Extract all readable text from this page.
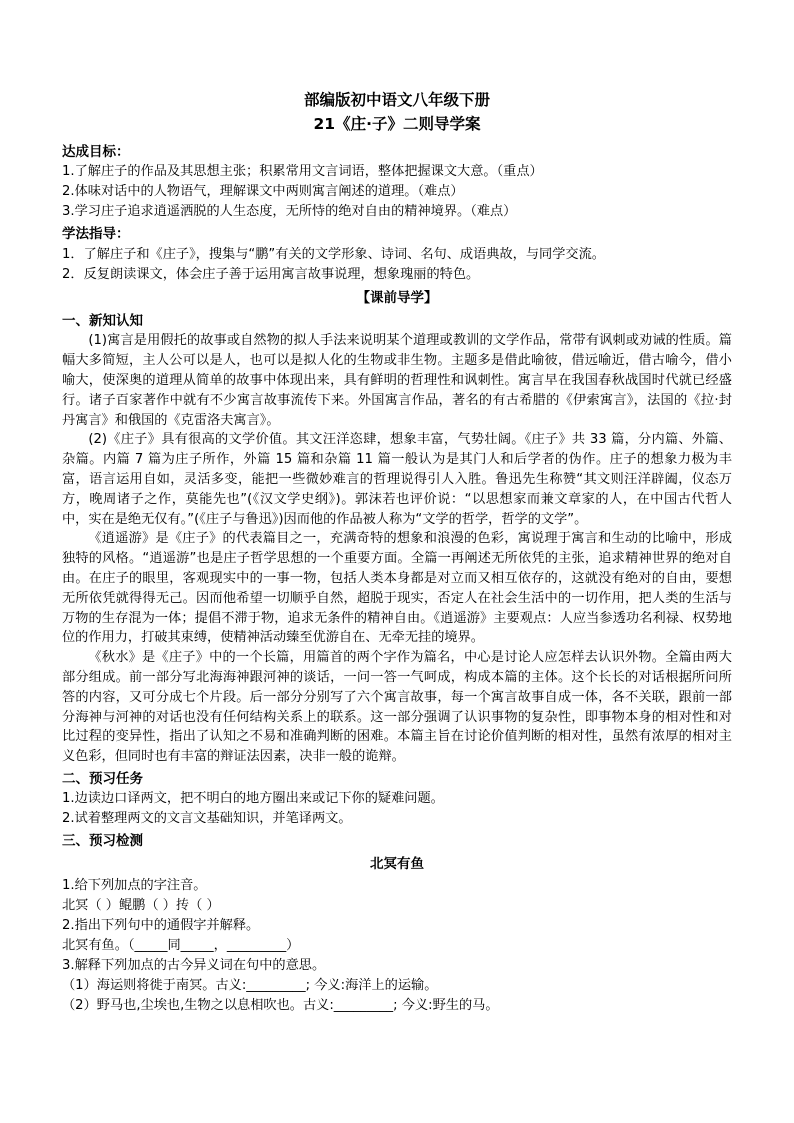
部编版初中语文八年级下册
21《庄·子》二则导学案
达成目标：
1.了解庄子的作品及其思想主张；积累常用文言词语，整体把握课文大意。（重点）
2.体味对话中的人物语气，理解课文中两则寓言阐述的道理。（难点）
3.学习庄子追求逍遥洒脱的人生态度，无所恃的绝对自由的精神境界。（难点）
学法指导：
1．了解庄子和《庄子》，搜集与“鹏”有关的文学形象、诗词、名句、成语典故，与同学交流。
2．反复朗读课文，体会庄子善于运用寓言故事说理，想象瑰丽的特色。
【课前导学】
一、新知认知
(1)寓言是用假托的故事或自然物的拟人手法来说明某个道理或教训的文学作品，常带有讽刺或劝诫的性质。篇幅大多简短，主人公可以是人，也可以是拟人化的生物或非生物。主题多是借此喻彼，借远喻近，借古喻今，借小喻大，使深奥的道理从简单的故事中体现出来，具有鲜明的哲理性和讽刺性。寓言早在我国春秋战国时代就已经盛行。诸子百家著作中就有不少寓言故事流传下来。外国寓言作品，著名的有古希腊的《伊索寓言》，法国的《拉·封丹寓言》和俄国的《克雷洛夫寓言》。
(2)《庄子》具有很高的文学价值。其文汪洋恣肆，想象丰富，气势壮阔。《庄子》共 33 篇，分内篇、外篇、杂篇。内篇 7 篇为庄子所作，外篇 15 篇和杂篇 11 篇一般认为是其门人和后学者的伪作。庄子的想象力极为丰富，语言运用自如，灵活多变，能把一些微妙难言的哲理说得引人入胜。鲁迅先生称赞“其文则汪洋辟阖，仪态万方，晚周诸子之作，莫能先也”(《汉文学史纲》)。郭沫若也评价说：“以思想家而兼文章家的人，在中国古代哲人中，实在是绝无仅有。”(《庄子与鲁迅》)因而他的作品被人称为“文学的哲学，哲学的文学”。
《逍遥游》是《庄子》的代表篇目之一，充满奇特的想象和浪漫的色彩，寓说理于寓言和生动的比喻中，形成独特的风格。“逍遥游”也是庄子哲学思想的一个重要方面。全篇一再阐述无所依凭的主张，追求精神世界的绝对自由。在庄子的眼里，客观现实中的一事一物，包括人类本身都是对立而又相互依存的，这就没有绝对的自由，要想无所依凭就得得无己。因而他希望一切顺乎自然，超脱于现实，否定人在社会生活中的一切作用，把人类的生活与万物的生存混为一体；提倡不滞于物，追求无条件的精神自由。《逍遥游》主要观点：人应当参透功名利禄、权势地位的作用力，打破其束缚，使精神活动臻至优游自在、无牵无挂的境界。
《秋水》是《庄子》中的一个长篇，用篇首的两个字作为篇名，中心是讨论人应怎样去认识外物。全篇由两大部分组成。前一部分写北海海神跟河神的谈话，一问一答一气呵成，构成本篇的主体。这个长长的对话根据所问所答的内容，又可分成七个片段。后一部分分别写了六个寓言故事，每一个寓言故事自成一体，各不关联，跟前一部分海神与河神的对话也没有任何结构关系上的联系。这一部分强调了认识事物的复杂性，即事物本身的相对性和对比过程的变异性，指出了认知之不易和准确判断的困难。本篇主旨在讨论价值判断的相对性，虽然有浓厚的相对主义色彩，但同时也有丰富的辩证法因素，决非一般的诡辩。
二、预习任务
1.边读边口译两文，把不明白的地方圈出来或记下你的疑难问题。
2.试着整理两文的文言文基础知识，并笔译两文。
三、预习检测
北冥有鱼
1.给下列加点的字注音。
北冥（ ）鲲鹏（ ）抟（ ）
2.指出下列句中的通假字并解释。
北冥有鱼。（_____同_____，_________）
3.解释下列加点的古今异义词在句中的意思。
（1）海运则将徙于南冥。古义:_________; 今义:海洋上的运输。
（2）野马也,尘埃也,生物之以息相吹也。古义:_________; 今义:野生的马。
